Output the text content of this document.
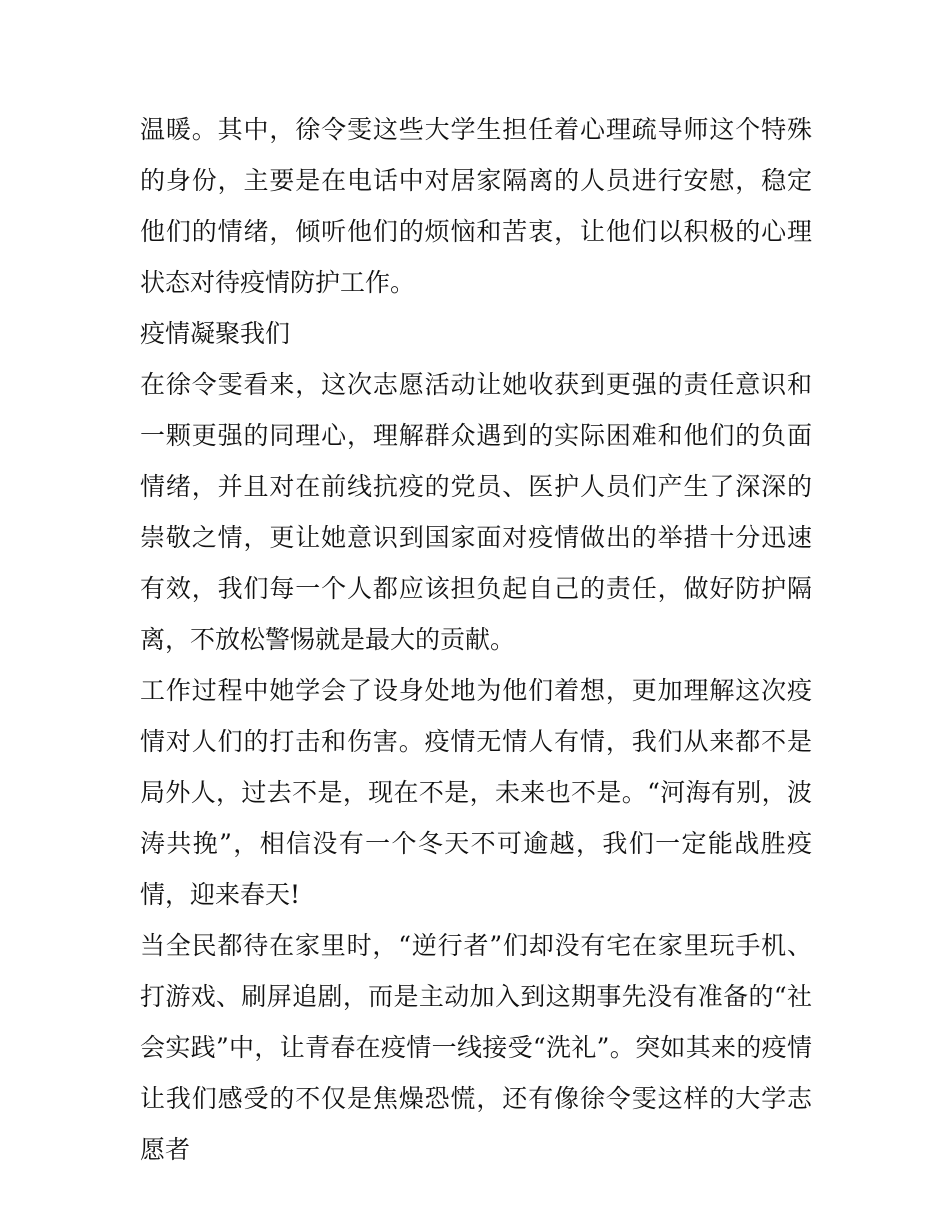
温暖。其中，徐令雯这些大学生担任着心理疏导师这个特殊的身份，主要是在电话中对居家隔离的人员进行安慰，稳定他们的情绪，倾听他们的烦恼和苦衷，让他们以积极的心理状态对待疫情防护工作。

疫情凝聚我们

在徐令雯看来，这次志愿活动让她收获到更强的责任意识和一颗更强的同理心，理解群众遇到的实际困难和他们的负面情绪，并且对在前线抗疫的党员、医护人员们产生了深深的崇敬之情，更让她意识到国家面对疫情做出的举措十分迅速有效，我们每一个人都应该担负起自己的责任，做好防护隔离，不放松警惕就是最大的贡献。

工作过程中她学会了设身处地为他们着想，更加理解这次疫情对人们的打击和伤害。疫情无情人有情，我们从来都不是局外人，过去不是，现在不是，未来也不是。“河海有别，波涛共挽”，相信没有一个冬天不可逾越，我们一定能战胜疫情，迎来春天!

当全民都待在家里时，“逆行者”们却没有宅在家里玩手机、打游戏、刷屏追剧，而是主动加入到这期事先没有准备的“社会实践”中，让青春在疫情一线接受“洗礼”。突如其来的疫情让我们感受的不仅是焦燥恐慌，还有像徐令雯这样的大学志愿者
